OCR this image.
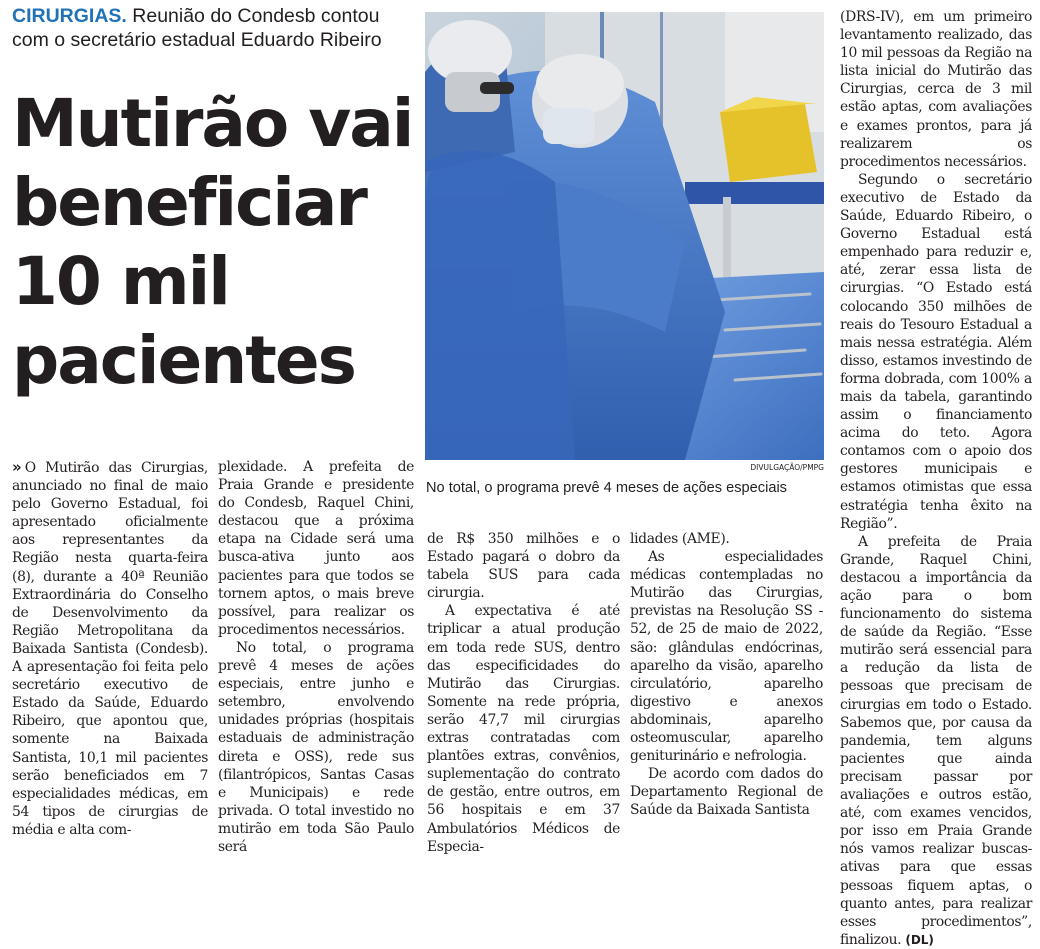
CIRURGIAS. Reunião do Condesb contou com o secretário estadual Eduardo Ribeiro
Mutirão vai
beneficiar
10 mil
pacientes

» O Mutirão das Cirurgias, anunciado no final de maio pelo Governo Estadual, foi apresentado oficialmente aos representantes da Região nesta quarta-feira (8), durante a 40ª Reunião Extraordinária do Conselho de Desenvolvimento da Região Metropolitana da Baixada Santista (Condesb). A apresentação foi feita pelo secretário executivo de Estado da Saúde, Eduardo Ribeiro, que apontou que, somente na Baixada Santista, 10,1 mil pacientes serão beneficiados em 7 especialidades médicas, em 54 tipos de cirurgias de média e alta com-

plexidade. A prefeita de Praia Grande e presidente do Condesb, Raquel Chini, destacou que a próxima etapa na Cidade será uma busca-ativa junto aos pacientes para que todos se tornem aptos, o mais breve possível, para realizar os procedimentos necessários.

No total, o programa prevê 4 meses de ações especiais, entre junho e setembro, envolvendo unidades próprias (hospitais estaduais de administração direta e OSS), rede sus (filantrópicos, Santas Casas e Municipais) e rede privada. O total investido no mutirão em toda São Paulo será

DIVULGAÇÃO/PMPG
No total, o programa prevê 4 meses de ações especiais

de R$ 350 milhões e o Estado pagará o dobro da tabela SUS para cada cirurgia.

A expectativa é até triplicar a atual produção em toda rede SUS, dentro das especificidades do Mutirão das Cirurgias. Somente na rede própria, serão 47,7 mil cirurgias extras contratadas com plantões extras, convênios, suplementação do contrato de gestão, entre outros, em 56 hospitais e em 37 Ambulatórios Médicos de Especia-

lidades (AME).

As especialidades médicas contempladas no Mutirão das Cirurgias, previstas na Resolução SS - 52, de 25 de maio de 2022, são: glândulas endócrinas, aparelho da visão, aparelho circulatório, aparelho digestivo e anexos abdominais, aparelho osteomuscular, aparelho geniturinário e nefrologia.

De acordo com dados do Departamento Regional de Saúde da Baixada Santista

(DRS-IV), em um primeiro levantamento realizado, das 10 mil pessoas da Região na lista inicial do Mutirão das Cirurgias, cerca de 3 mil estão aptas, com avaliações e exames prontos, para já realizarem os procedimentos necessários.

Segundo o secretário executivo de Estado da Saúde, Eduardo Ribeiro, o Governo Estadual está empenhado para reduzir e, até, zerar essa lista de cirurgias. “O Estado está colocando 350 milhões de reais do Tesouro Estadual a mais nessa estratégia. Além disso, estamos investindo de forma dobrada, com 100% a mais da tabela, garantindo assim o financiamento acima do teto. Agora contamos com o apoio dos gestores municipais e estamos otimistas que essa estratégia tenha êxito na Região”.

A prefeita de Praia Grande, Raquel Chini, destacou a importância da ação para o bom funcionamento do sistema de saúde da Região. “Esse mutirão será essencial para a redução da lista de pessoas que precisam de cirurgias em todo o Estado. Sabemos que, por causa da pandemia, tem alguns pacientes que ainda precisam passar por avaliações e outros estão, até, com exames vencidos, por isso em Praia Grande nós vamos realizar buscas-ativas para que essas pessoas fiquem aptas, o quanto antes, para realizar esses procedimentos”, finalizou. (DL)
